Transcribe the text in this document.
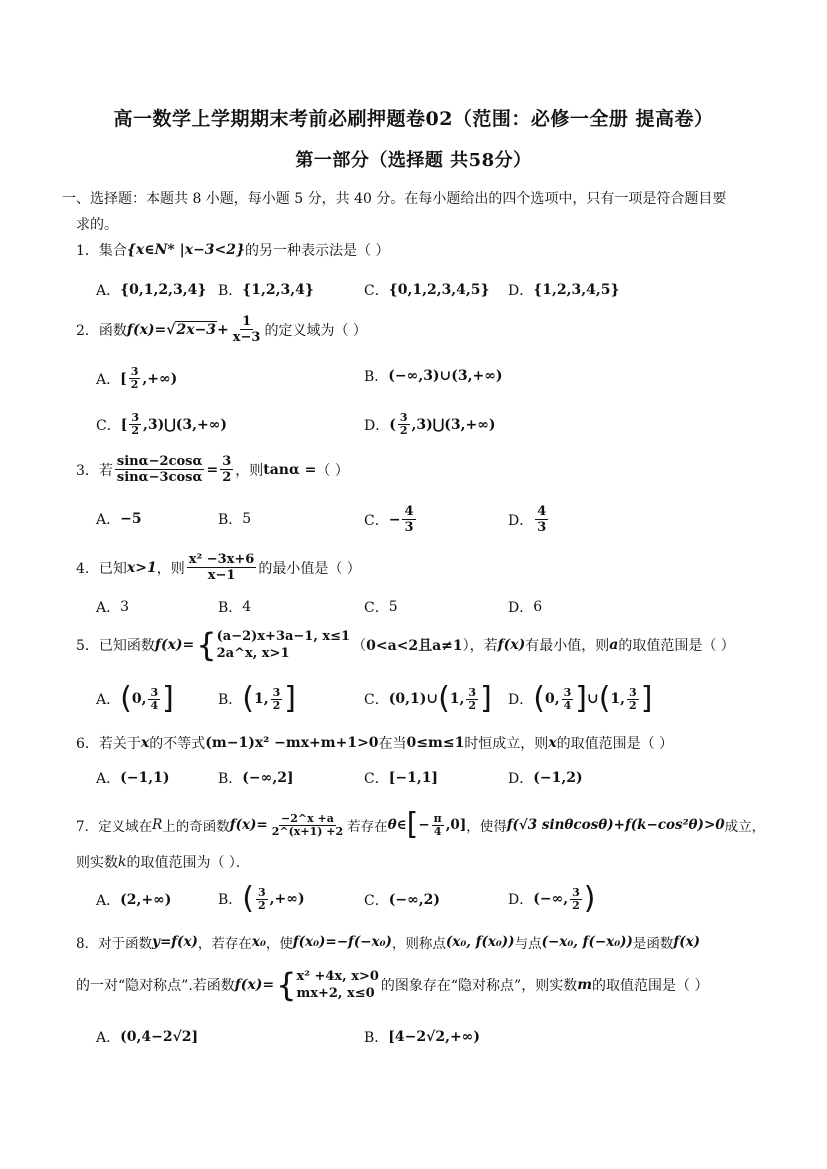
高一数学上学期期末考前必刷押题卷02（范围：必修一全册 提高卷）
第一部分（选择题 共58分）
一、选择题：本题共 8 小题，每小题 5 分，共 40 分。在每小题给出的四个选项中，只有一项是符合题目要
求的。
1． 集合 {x∈N* |x−3<2} 的另一种表示法是（ ）
A． {0,1,2,3,4} B． {1,2,3,4}	C． {0,1,2,3,4,5} D． {1,2,3,4,5}
2． 函数 f(x)= √ $2x-3 + \frac{1}{x-3}$ 的定义域为（ ）
A． [ $\frac{3}{2}$ ,+∞)	B． (−∞,3)∪(3,+∞)
C． [ $\frac{3}{2}$ ,3)⋃(3,+∞)	D． ( $\frac{3}{2}$ ,3)⋃(3,+∞)
3． 若 $\frac{\sin\alpha-2\cos\alpha}{\sin\alpha-3\cos\alpha} = \frac{3}{2}$ ，则 tanα = （ ）
A． −5	B． 5	C． − $\frac{4}{3}$	D． $\frac{4}{3}$
4． 已知 x>1 ，则 $\frac{\text{x² −3x+6}}{x-1}$ 的最小值是（ ）
A． 3	B． 4	C． 5	D． 6
5． 已知函数 f(x)= { (a−2)x+3a−1, x≤1
2a^x, x>1	（ 0<a<2且a≠1 ），若 f(x) 有最小值，则 a 的取值范围是（ ）
A． ( 0, $\frac{3}{4}$ ]	B． ( 1, $\frac{3}{2}$ ]	C． (0,1)∪ ( 1, $\frac{3}{2}$ ] D． ( 0, $\frac{3}{4}$ ] ∪ ( 1, $\frac{3}{2}$ ]
6． 若关于 x 的不等式 (m−1)x² −mx+m+1>0 在当 0≤m≤1 时恒成立，则 x 的取值范围是（ ）
A． (−1,1)	B． (−∞,2]	C． [−1,1]	D． (−1,2)
7． 定义域在 R 上的奇函数 $f(x)= \frac{-2\^{}x +a}{2\^{}(x+1) +2}$ 若存在 θ∈ [ − $\frac{\pi}{4} ,0$] ，使得 f(√3 sinθcosθ)+f(k−cos²θ)>0 成立，
则实数 k 的取值范围为（ ）．
A． (2,+∞)	B． ( $\frac{3}{2}$ ,+∞)	C． (−∞,2)	D． (−∞, $\frac{3}{2}$ )
8． 对于函数 y=f(x) ，若存在 x₀ ，使 f(x₀)=−f(−x₀) ，则称点 (x₀, f(x₀)) 与点 (−x₀, f(−x₀)) 是函数 f(x)
的一对“隐对称点”.若函数 f(x)= { x² +4x, x>0
mx+2, x≤0 的图象存在“隐对称点”，则实数 m 的取值范围是（ ）
A． (0,4−2√2]	B． [4−2√2,+∞)
